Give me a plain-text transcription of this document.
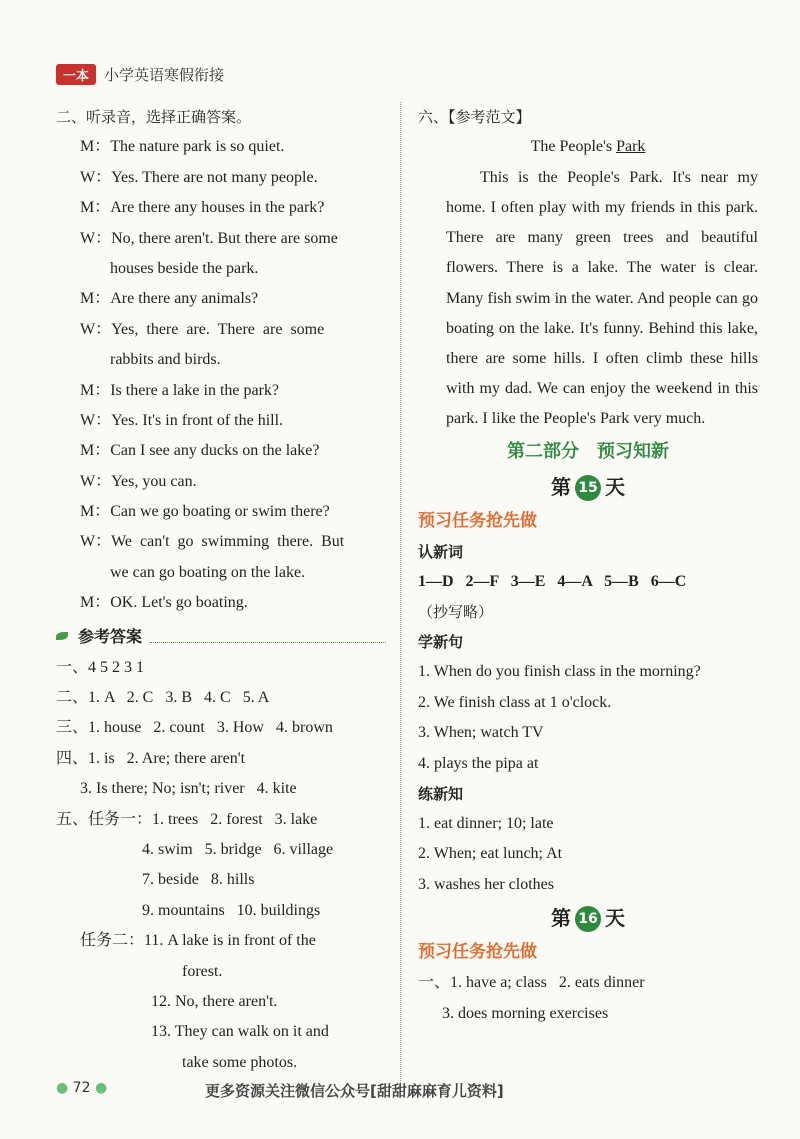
一本	小学英语寒假衔接
二、听录音，选择正确答案。
M：The nature park is so quiet.
W：Yes. There are not many people.
M：Are there any houses in the park?
W：No, there aren't. But there are some
houses beside the park.
M：Are there any animals?
W：Yes,  there  are.  There  are  some
rabbits and birds.
M：Is there a lake in the park?
W：Yes. It's in front of the hill.
M：Can I see any ducks on the lake?
W：Yes, you can.
M：Can we go boating or swim there?
W：We  can't  go  swimming  there.  But
we can go boating on the lake.
M：OK. Let's go boating.
参考答案
一、4 5 2 3 1
二、1. A   2. C   3. B   4. C   5. A
三、1. house   2. count   3. How   4. brown
四、1. is   2. Are; there aren't
3. Is there; No; isn't; river   4. kite
五、任务一：1. trees   2. forest   3. lake
4. swim   5. bridge   6. village
7. beside   8. hills
9. mountains   10. buildings
任务二：11. A lake is in front of the
forest.
12. No, there aren't.
13. They can walk on it and
take some photos.
六、【参考范文】
The People's Park
This is the People's Park. It's near my home. I often play with my friends in this park. There are many green trees and beautiful flowers. There is a lake. The water is clear. Many fish swim in the water. And people can go boating on the lake. It's funny. Behind this lake, there are some hills. I often climb these hills with my dad. We can enjoy the weekend in this park. I like the People's Park very much.
第二部分　预习知新
第 15 天
预习任务抢先做
认新词
1—D   2—F   3—E   4—A   5—B   6—C
（抄写略）
学新句
1. When do you finish class in the morning?
2. We finish class at 1 o'clock.
3. When; watch TV
4. plays the pipa at
练新知
1. eat dinner; 10; late
2. When; eat lunch; At
3. washes her clothes
第 16 天
预习任务抢先做
一、1. have a; class   2. eats dinner
3. does morning exercises
● 72 ●	更多资源关注微信公众号[甜甜麻麻育儿资料]
